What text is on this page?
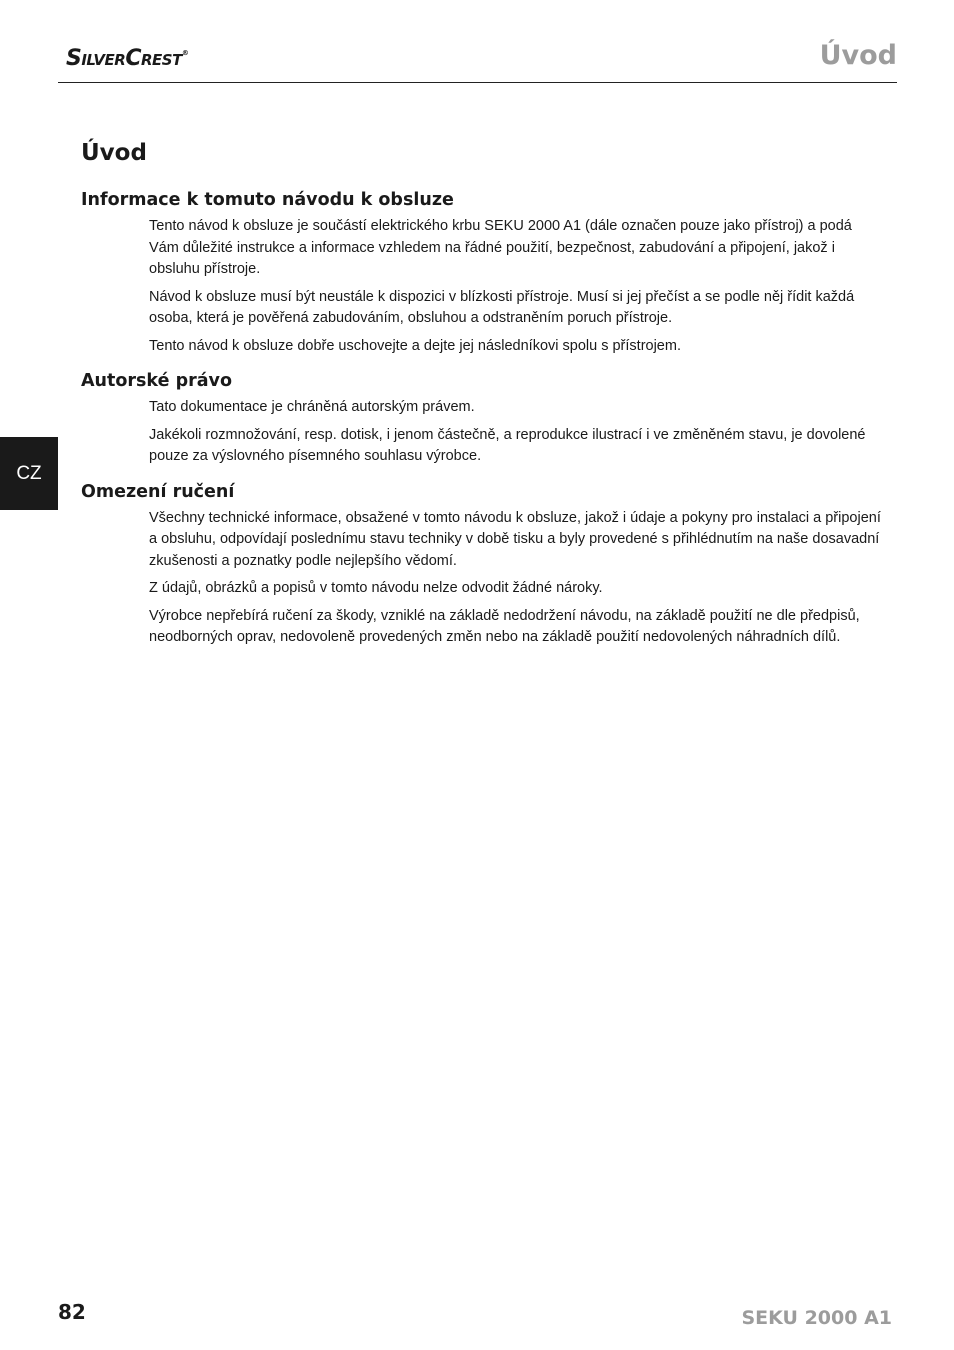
SilverCrest®	Úvod
CZ
Úvod
Informace k tomuto návodu k obsluze

Tento návod k obsluze je součástí elektrického krbu SEKU 2000 A1 (dále označen pouze jako přístroj) a podá Vám důležité instrukce a informace vzhledem na řádné použití, bezpečnost, zabudování a připojení, jakož i obsluhu přístroje.

Návod k obsluze musí být neustále k dispozici v blízkosti přístroje. Musí si jej přečíst a se podle něj řídit každá osoba, která je pověřená zabudováním, obsluhou a odstraněním poruch přístroje.

Tento návod k obsluze dobře uschovejte a dejte jej následníkovi spolu s přístrojem.

Autorské právo

Tato dokumentace je chráněná autorským právem.

Jakékoli rozmnožování, resp. dotisk, i jenom částečně, a reprodukce ilustrací i ve změněném stavu, je dovolené pouze za výslovného písemného souhlasu výrobce.

Omezení ručení

Všechny technické informace, obsažené v tomto návodu k obsluze, jakož i údaje a pokyny pro instalaci a připojení a obsluhu, odpovídají poslednímu stavu techniky v době tisku a byly provedené s přihlédnutím na naše dosavadní zkušenosti a poznatky podle nejlepšího vědomí.

Z údajů, obrázků a popisů v tomto návodu nelze odvodit žádné nároky.

Výrobce nepřebírá ručení za škody, vzniklé na základě nedodržení návodu, na základě použití ne dle předpisů, neodborných oprav, nedovoleně provedených změn nebo na základě použití nedovolených náhradních dílů.

82	SEKU 2000 A1
